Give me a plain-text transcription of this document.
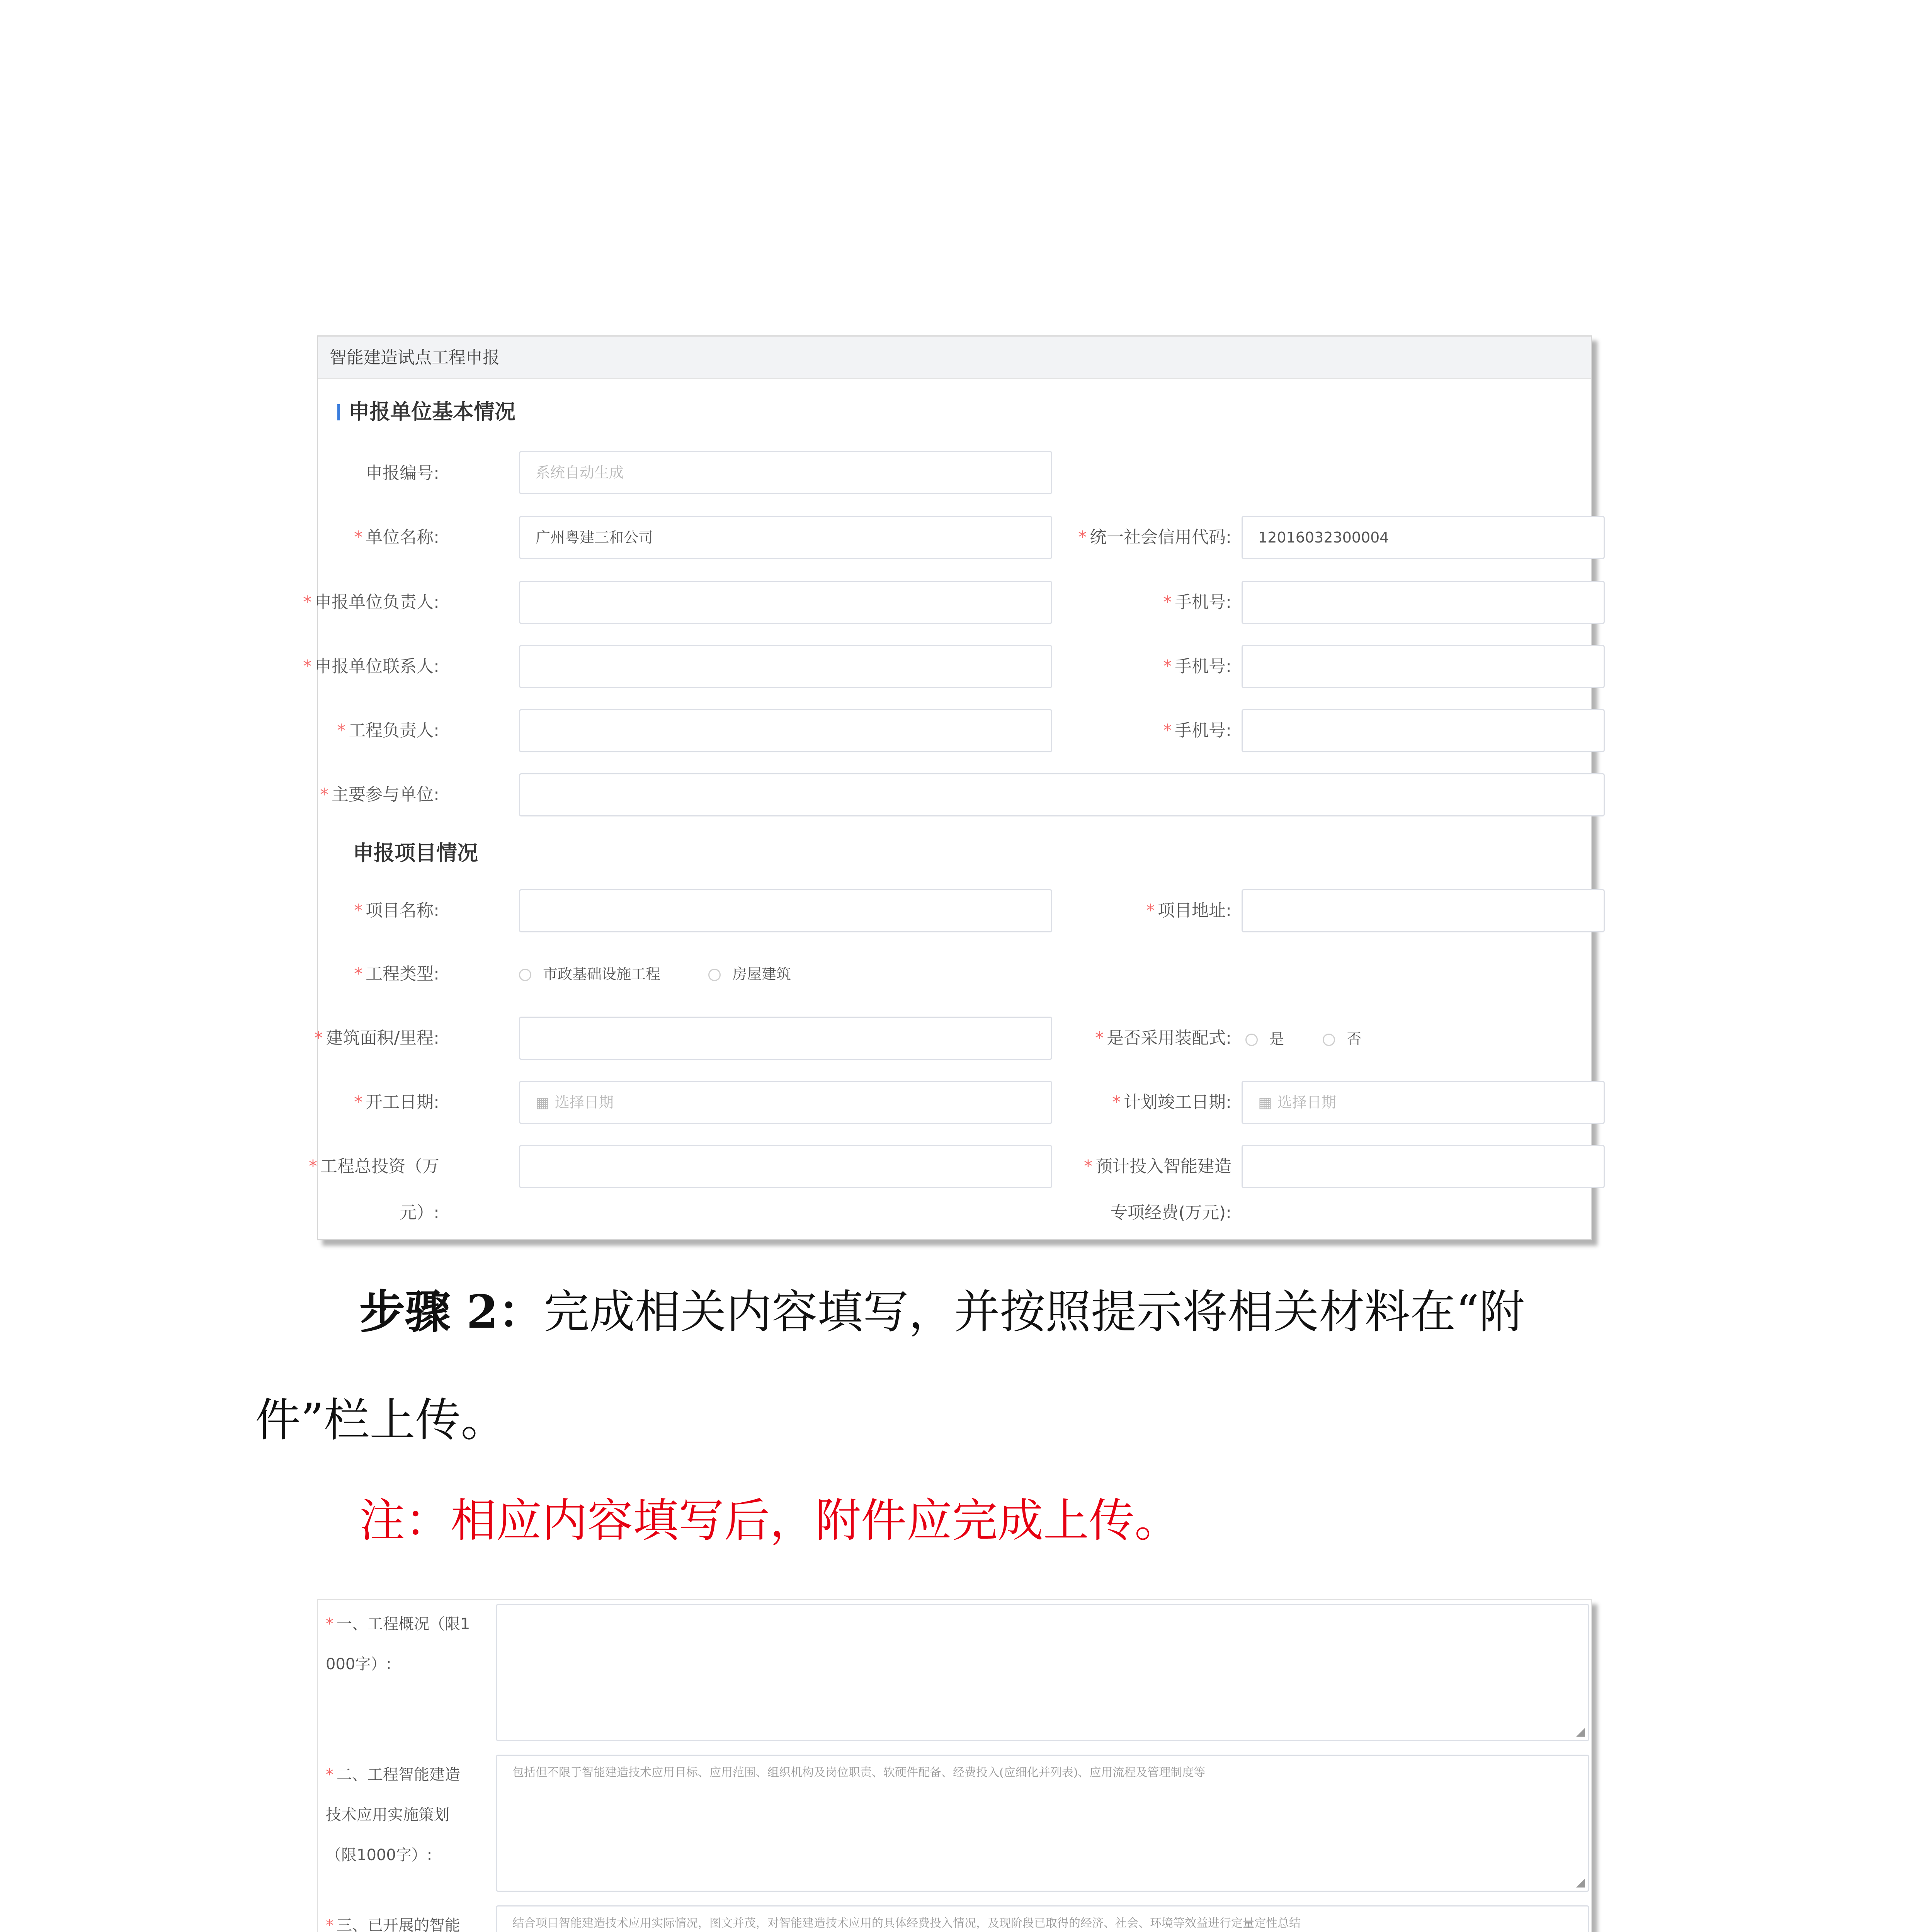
智能建造试点工程申报
申报单位基本情况
申报编号:	系统自动生成
* 单位名称:	广州粤建三和公司	* 统一社会信用代码:	12016032300004
* 申报单位负责人:	* 手机号:
* 申报单位联系人:	* 手机号:
* 工程负责人:	* 手机号:
* 主要参与单位:
申报项目情况
* 项目名称:	* 项目地址:
* 工程类型:	市政基础设施工程	房屋建筑
* 建筑面积/里程:	* 是否采用装配式:	是	否
* 开工日期:	▦ 选择日期	* 计划竣工日期:	▦ 选择日期
* 工程总投资（万
元）:
* 预计投入智能建造
专项经费(万元):
步骤 2：完成相关内容填写，并按照提示将相关材料在“附
件”栏上传。
注：相应内容填写后，附件应完成上传。
* 一、工程概况（限1
000字）:
◢
* 二、工程智能建造
技术应用实施策划
（限1000字）:
包括但不限于智能建造技术应用目标、应用范围、组织机构及岗位职责、软硬件配备、经费投入(应细化并列表)、应用流程及管理制度等
◢
* 三、已开展的智能	结合项目智能建造技术应用实际情况，图文并茂，对智能建造技术应用的具体经费投入情况，及现阶段已取得的经济、社会、环境等效益进行定量定性总结
